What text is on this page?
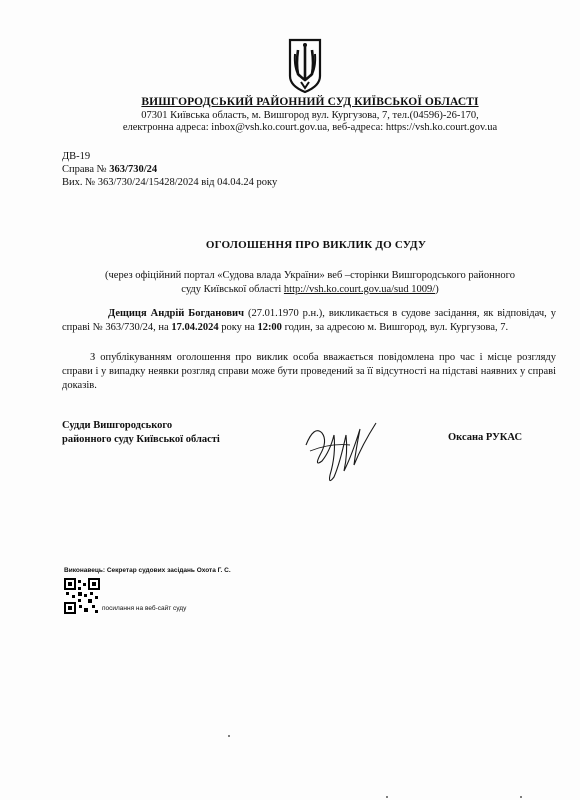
ВИШГОРОДСЬКИЙ РАЙОННИЙ СУД КИЇВСЬКОЇ ОБЛАСТІ
07301 Київська область, м. Вишгород вул. Кургузова, 7, тел.(04596)-26-170,
електронна адреса: inbox@vsh.ko.court.gov.ua, веб-адреса: https://vsh.ko.court.gov.ua
ДВ-19
Справа № 363/730/24
Вих. № 363/730/24/15428/2024 від 04.04.24 року
ОГОЛОШЕННЯ ПРО ВИКЛИК ДО СУДУ
(через офіційний портал «Судова влада України» веб –сторінки Вишгородського районного
суду Київської області http://vsh.ko.court.gov.ua/sud 1009/)
Дещиця Андрій Богданович (27.01.1970 р.н.), викликається в судове засідання, як відповідач, у справі № 363/730/24, на 17.04.2024 року на 12:00 годин, за адресою м. Вишгород, вул. Кургузова, 7.
З опублікуванням оголошення про виклик особа вважається повідомлена про час і місце розгляду справи і у випадку неявки розгляд справи може бути проведений за її відсутності на підставі наявних у справі доказів.
Судди Вишгородського
районного суду Київської області	Оксана РУКАС
Виконавець: Секретар судових засідань Охота Г. С.
посилання на веб-сайт суду
